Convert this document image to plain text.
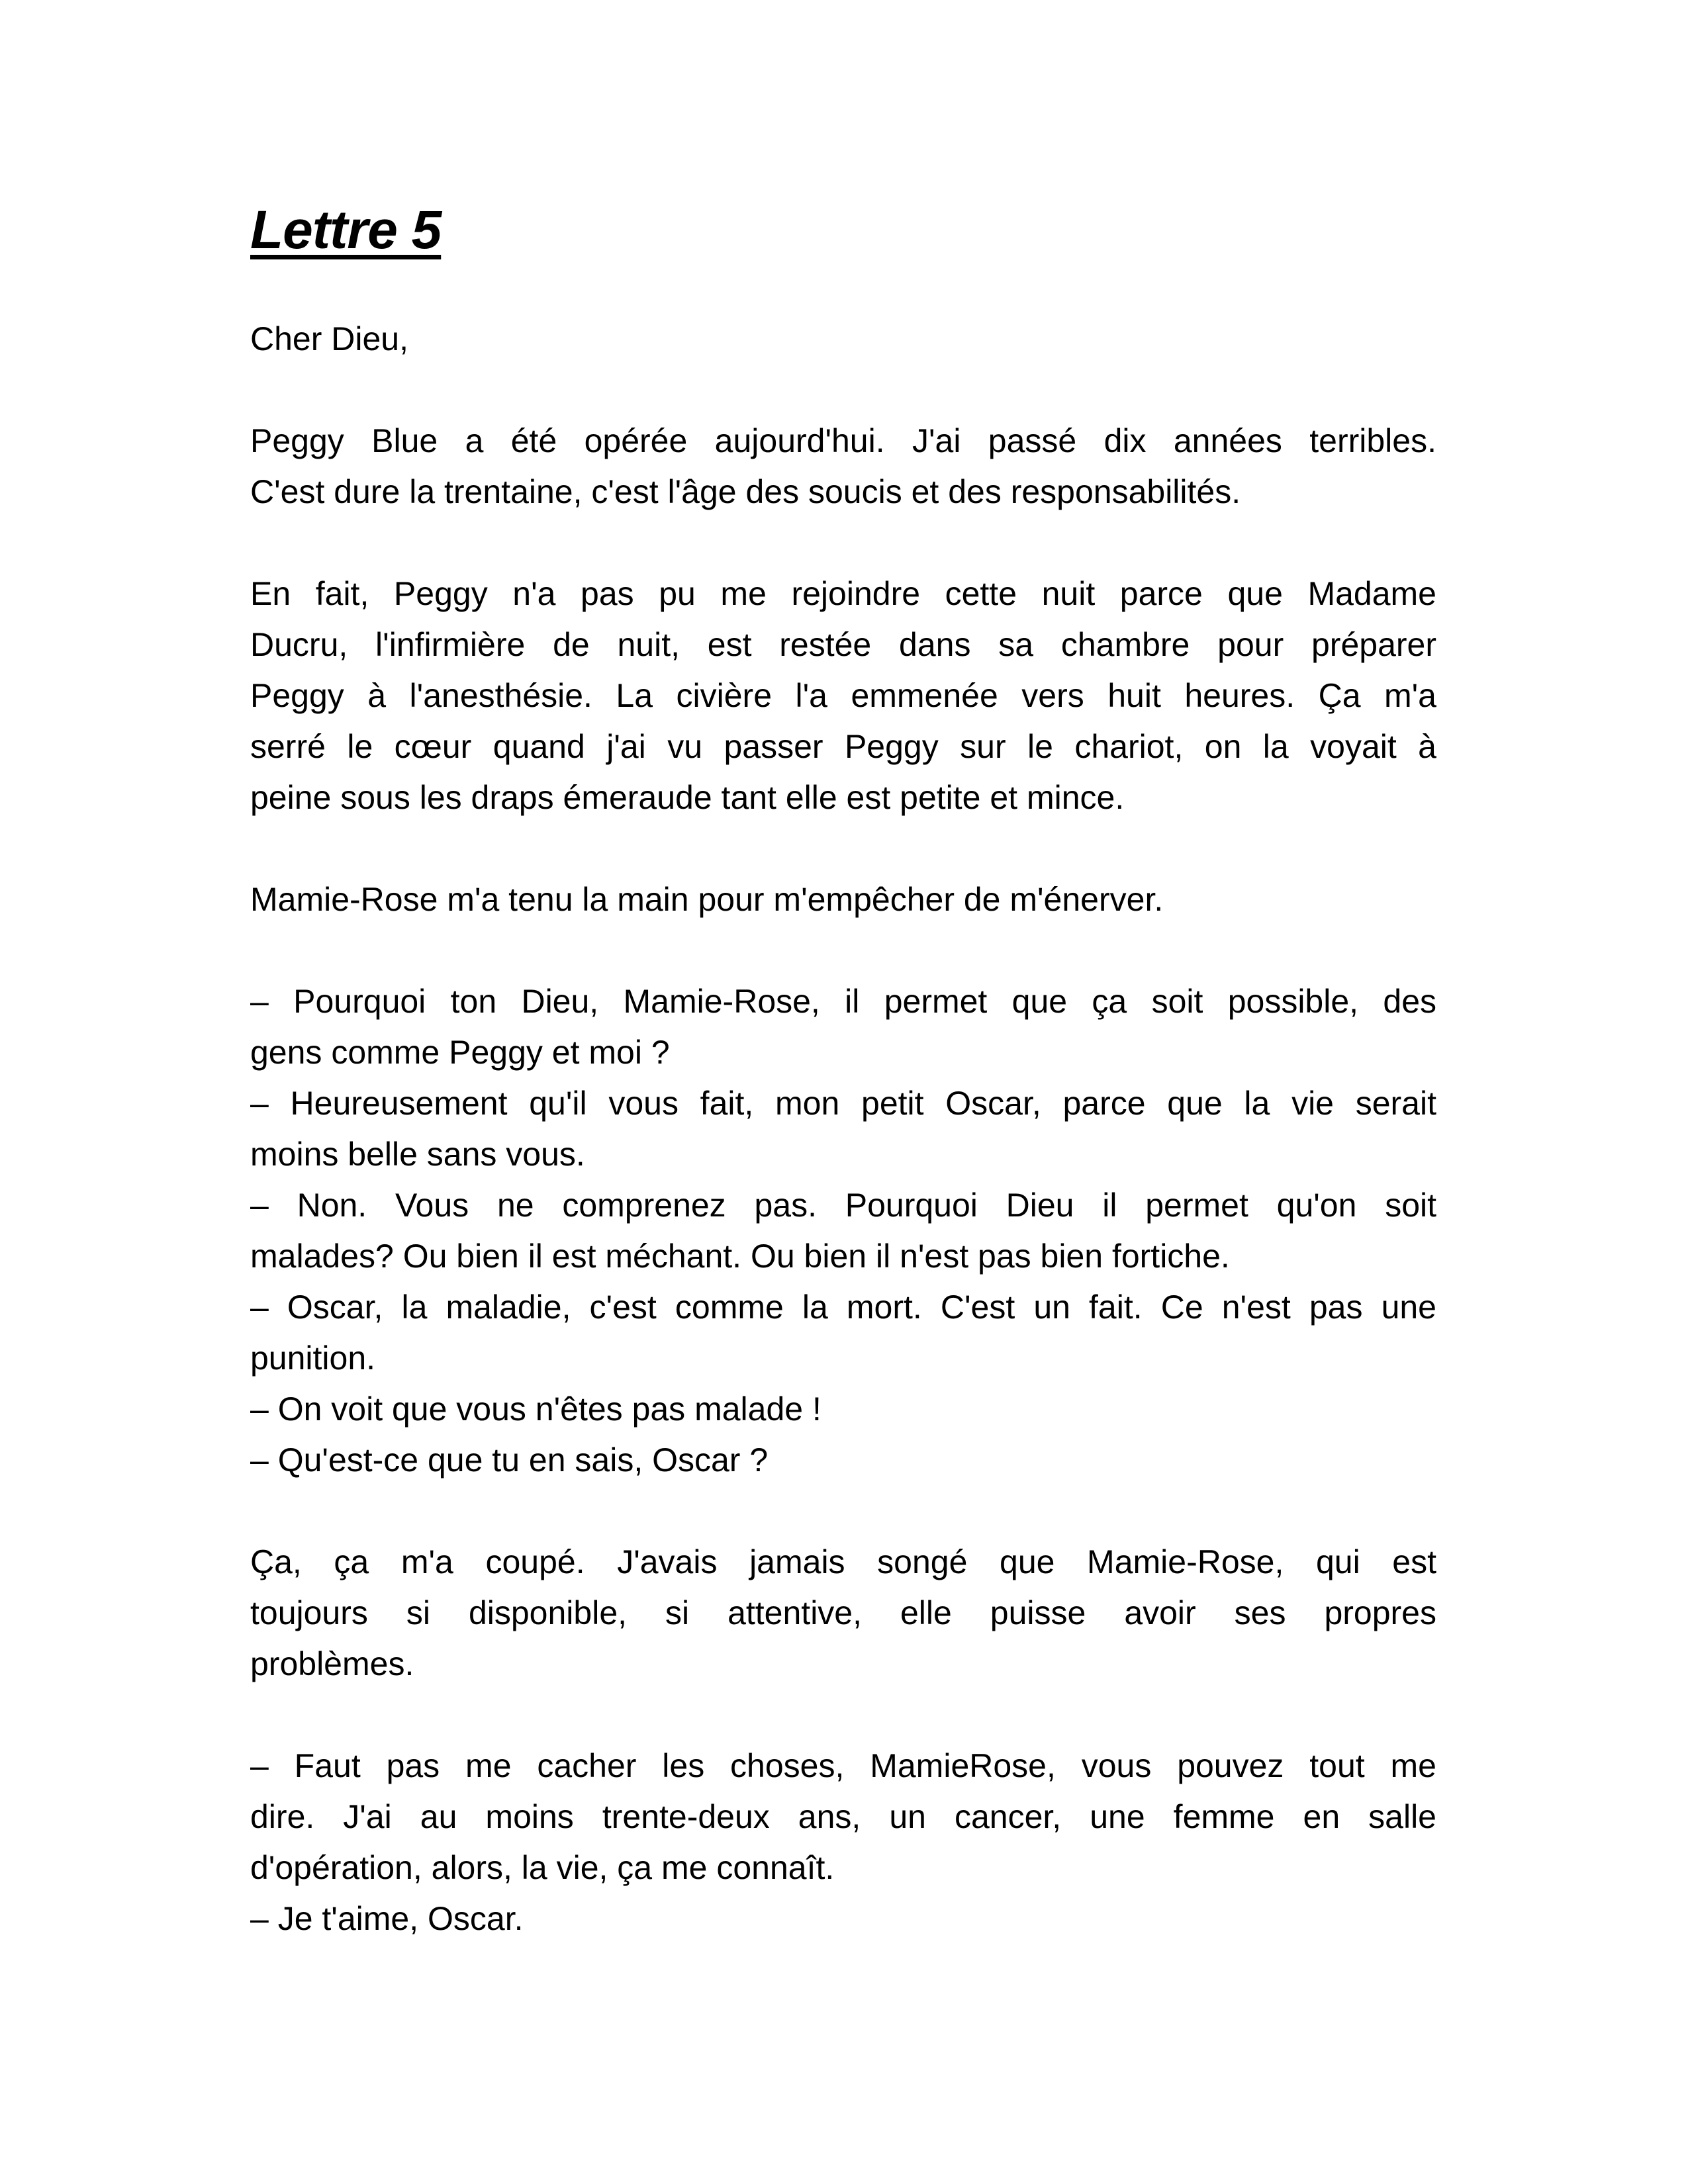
Lettre 5
Cher Dieu,
Peggy Blue a été opérée aujourd'hui. J'ai passé dix années terribles.
C'est dure la trentaine, c'est l'âge des soucis et des responsabilités.
En fait, Peggy n'a pas pu me rejoindre cette nuit parce que Madame
Ducru, l'infirmière de nuit, est restée dans sa chambre pour préparer
Peggy à l'anesthésie. La civière l'a emmenée vers huit heures. Ça m'a
serré le cœur quand j'ai vu passer Peggy sur le chariot, on la voyait à
peine sous les draps émeraude tant elle est petite et mince.
Mamie-Rose m'a tenu la main pour m'empêcher de m'énerver.
– Pourquoi ton Dieu, Mamie-Rose, il permet que ça soit possible, des
gens comme Peggy et moi ?
– Heureusement qu'il vous fait, mon petit Oscar, parce que la vie serait
moins belle sans vous.
– Non. Vous ne comprenez pas. Pourquoi Dieu il permet qu'on soit
malades? Ou bien il est méchant. Ou bien il n'est pas bien fortiche.
– Oscar, la maladie, c'est comme la mort. C'est un fait. Ce n'est pas une
punition.
– On voit que vous n'êtes pas malade !
– Qu'est-ce que tu en sais, Oscar ?
Ça, ça m'a coupé. J'avais jamais songé que Mamie-Rose, qui est
toujours si disponible, si attentive, elle puisse avoir ses propres
problèmes.
– Faut pas me cacher les choses, MamieRose, vous pouvez tout me
dire. J'ai au moins trente-deux ans, un cancer, une femme en salle
d'opération, alors, la vie, ça me connaît.
– Je t'aime, Oscar.
